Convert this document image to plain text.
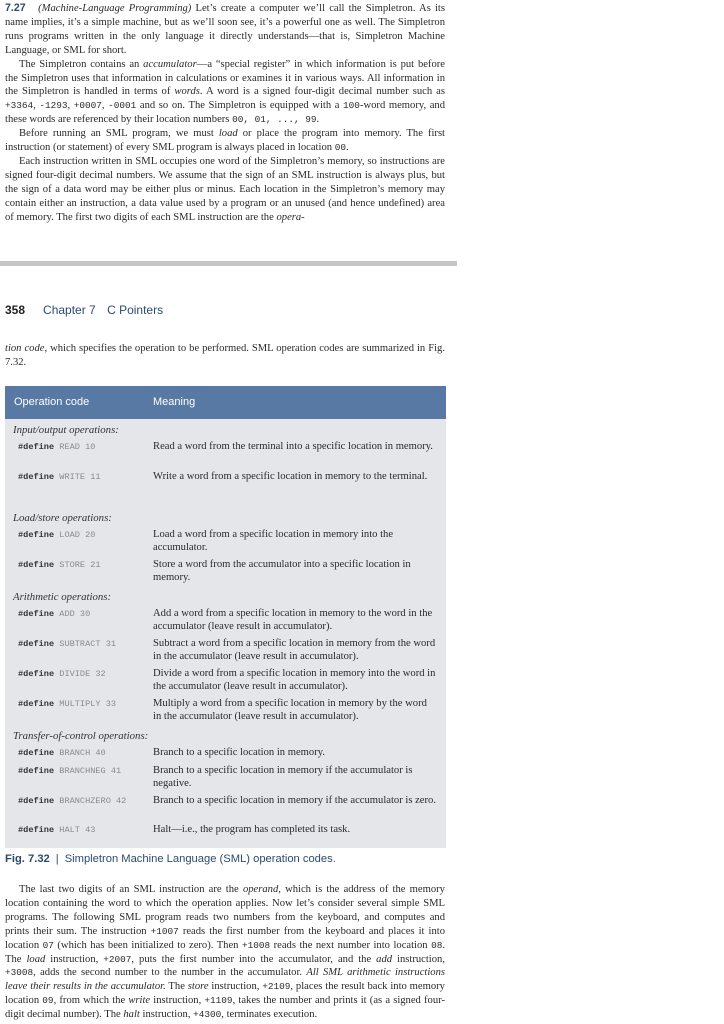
7.27 (Machine-Language Programming) Let’s create a computer we’ll call the Simpletron. As its name implies, it’s a simple machine, but as we’ll soon see, it’s a powerful one as well. The Simpletron runs programs written in the only language it directly understands—that is, Simpletron Machine Language, or SML for short.

The Simpletron contains an accumulator—a “special register” in which information is put before the Simpletron uses that information in calculations or examines it in various ways. All information in the Simpletron is handled in terms of words. A word is a signed four-digit decimal number such as +3364, -1293, +0007, -0001 and so on. The Simpletron is equipped with a 100-word memory, and these words are referenced by their location numbers 00, 01, ..., 99.

Before running an SML program, we must load or place the program into memory. The first instruction (or statement) of every SML program is always placed in location 00.

Each instruction written in SML occupies one word of the Simpletron’s memory, so instructions are signed four-digit decimal numbers. We assume that the sign of an SML instruction is always plus, but the sign of a data word may be either plus or minus. Each location in the Simpletron’s memory may contain either an instruction, a data value used by a program or an unused (and hence undefined) area of memory. The first two digits of each SML instruction are the opera-

358 Chapter 7 C Pointers
tion code, which specifies the operation to be performed. SML operation codes are summarized in Fig. 7.32.
Operation code	Meaning
Input/output operations:
#define READ 10	Read a word from the terminal into a specific location in memory.
#define WRITE 11	Write a word from a specific location in memory to the terminal.
Load/store operations:
#define LOAD 20	Load a word from a specific location in memory into the accumulator.
#define STORE 21	Store a word from the accumulator into a specific location in memory.
Arithmetic operations:
#define ADD 30	Add a word from a specific location in memory to the word in the accumulator (leave result in accumulator).
#define SUBTRACT 31	Subtract a word from a specific location in memory from the word in the accumulator (leave result in accumulator).
#define DIVIDE 32	Divide a word from a specific location in memory into the word in the accumulator (leave result in accumulator).
#define MULTIPLY 33	Multiply a word from a specific location in memory by the word in the accumulator (leave result in accumulator).
Transfer-of-control operations:
#define BRANCH 40	Branch to a specific location in memory.
#define BRANCHNEG 41	Branch to a specific location in memory if the accumulator is negative.
#define BRANCHZERO 42	Branch to a specific location in memory if the accumulator is zero.
#define HALT 43	Halt—i.e., the program has completed its task.
Fig. 7.32 | Simpletron Machine Language (SML) operation codes.

The last two digits of an SML instruction are the operand, which is the address of the memory location containing the word to which the operation applies. Now let’s consider several simple SML programs. The following SML program reads two numbers from the keyboard, and computes and prints their sum. The instruction +1007 reads the first number from the keyboard and places it into location 07 (which has been initialized to zero). Then +1008 reads the next number into location 08. The load instruction, +2007, puts the first number into the accumulator, and the add instruction, +3008, adds the second number to the number in the accumulator. All SML arithmetic instructions leave their results in the accumulator. The store instruction, +2109, places the result back into memory location 09, from which the write instruction, +1109, takes the number and prints it (as a signed four-digit decimal number). The halt instruction, +4300, terminates execution.
